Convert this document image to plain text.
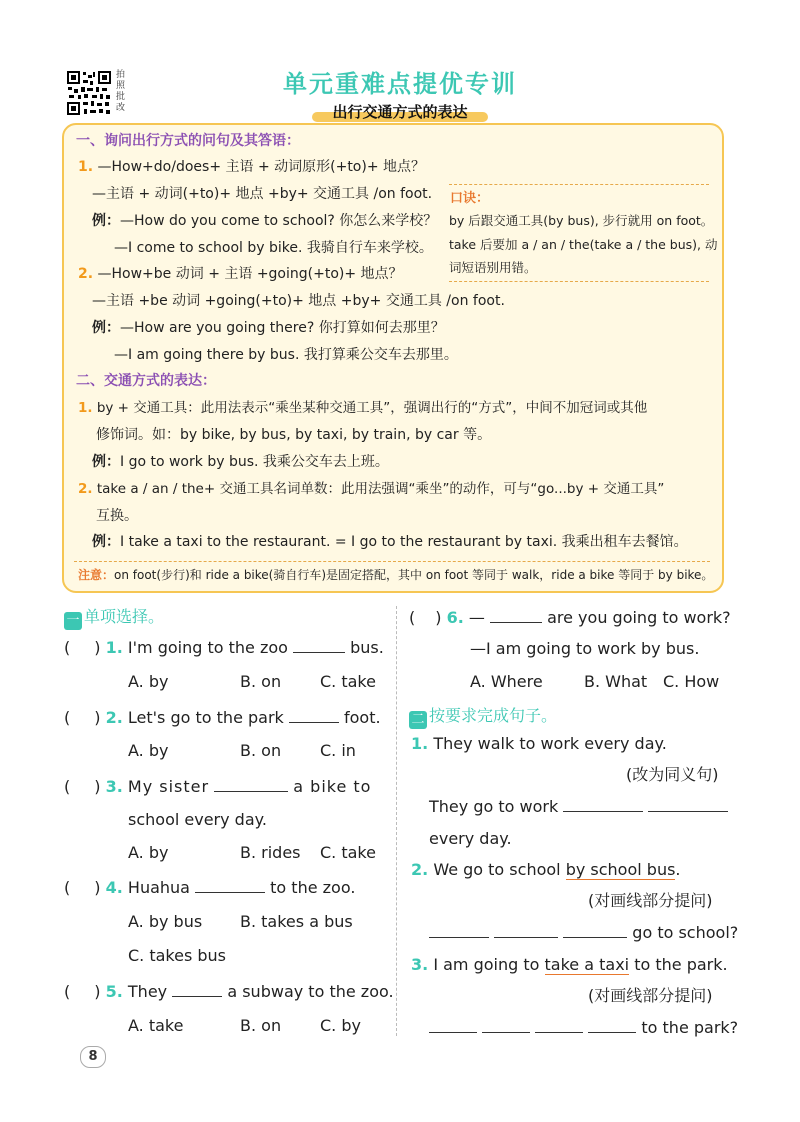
拍照批改
单元重难点提优专训
出行交通方式的表达
一、询问出行方式的问句及其答语：
1. —How+do/does+ 主语 + 动词原形(+to)+ 地点？
—主语 + 动词(+to)+ 地点 +by+ 交通工具 /on foot.
例：—How do you come to school? 你怎么来学校？
—I come to school by bike. 我骑自行车来学校。
2. —How+be 动词 + 主语 +going(+to)+ 地点？
—主语 +be 动词 +going(+to)+ 地点 +by+ 交通工具 /on foot.
例：—How are you going there? 你打算如何去那里？
—I am going there by bus. 我打算乘公交车去那里。
口诀：
by 后跟交通工具(by bus), 步行就用 on foot。
take 后要加 a / an / the(take a / the bus), 动
词短语别用错。
二、交通方式的表达：
1. by + 交通工具：此用法表示“乘坐某种交通工具”，强调出行的“方式”，中间不加冠词或其他
修饰词。如：by bike, by bus, by taxi, by train, by car 等。
例：I go to work by bus. 我乘公交车去上班。
2. take a / an / the+ 交通工具名词单数：此用法强调“乘坐”的动作，可与“go...by + 交通工具”
互换。
例：I take a taxi to the restaurant. = I go to the restaurant by taxi. 我乘出租车去餐馆。
注意：on foot(步行)和 ride a bike(骑自行车)是固定搭配，其中 on foot 等同于 walk，ride a bike 等同于 by bike。
一 单项选择。
( ) 1. I'm going to the zoo	bus.
A. by	B. on C. take
( ) 2. Let's go to the park	foot.
A. by	B. on C. in
( ) 3. My sister	a bike to
school every day.
A. by	B. rides C. take
( ) 4. Huahua	to the zoo.
A. by bus B. takes a bus
C. takes bus
( ) 5. They	a subway to the zoo.
A. take	B. on C. by
( ) 6. —	are you going to work?
—I am going to work by bus.
A. Where	B. What C. How
二 按要求完成句子。
1. They walk to work every day.
(改为同义句)
They go to work
every day.
2. We go to school by school bus.
(对画线部分提问)
go to school?
3. I am going to take a taxi to the park.
(对画线部分提问)
to the park?
8
